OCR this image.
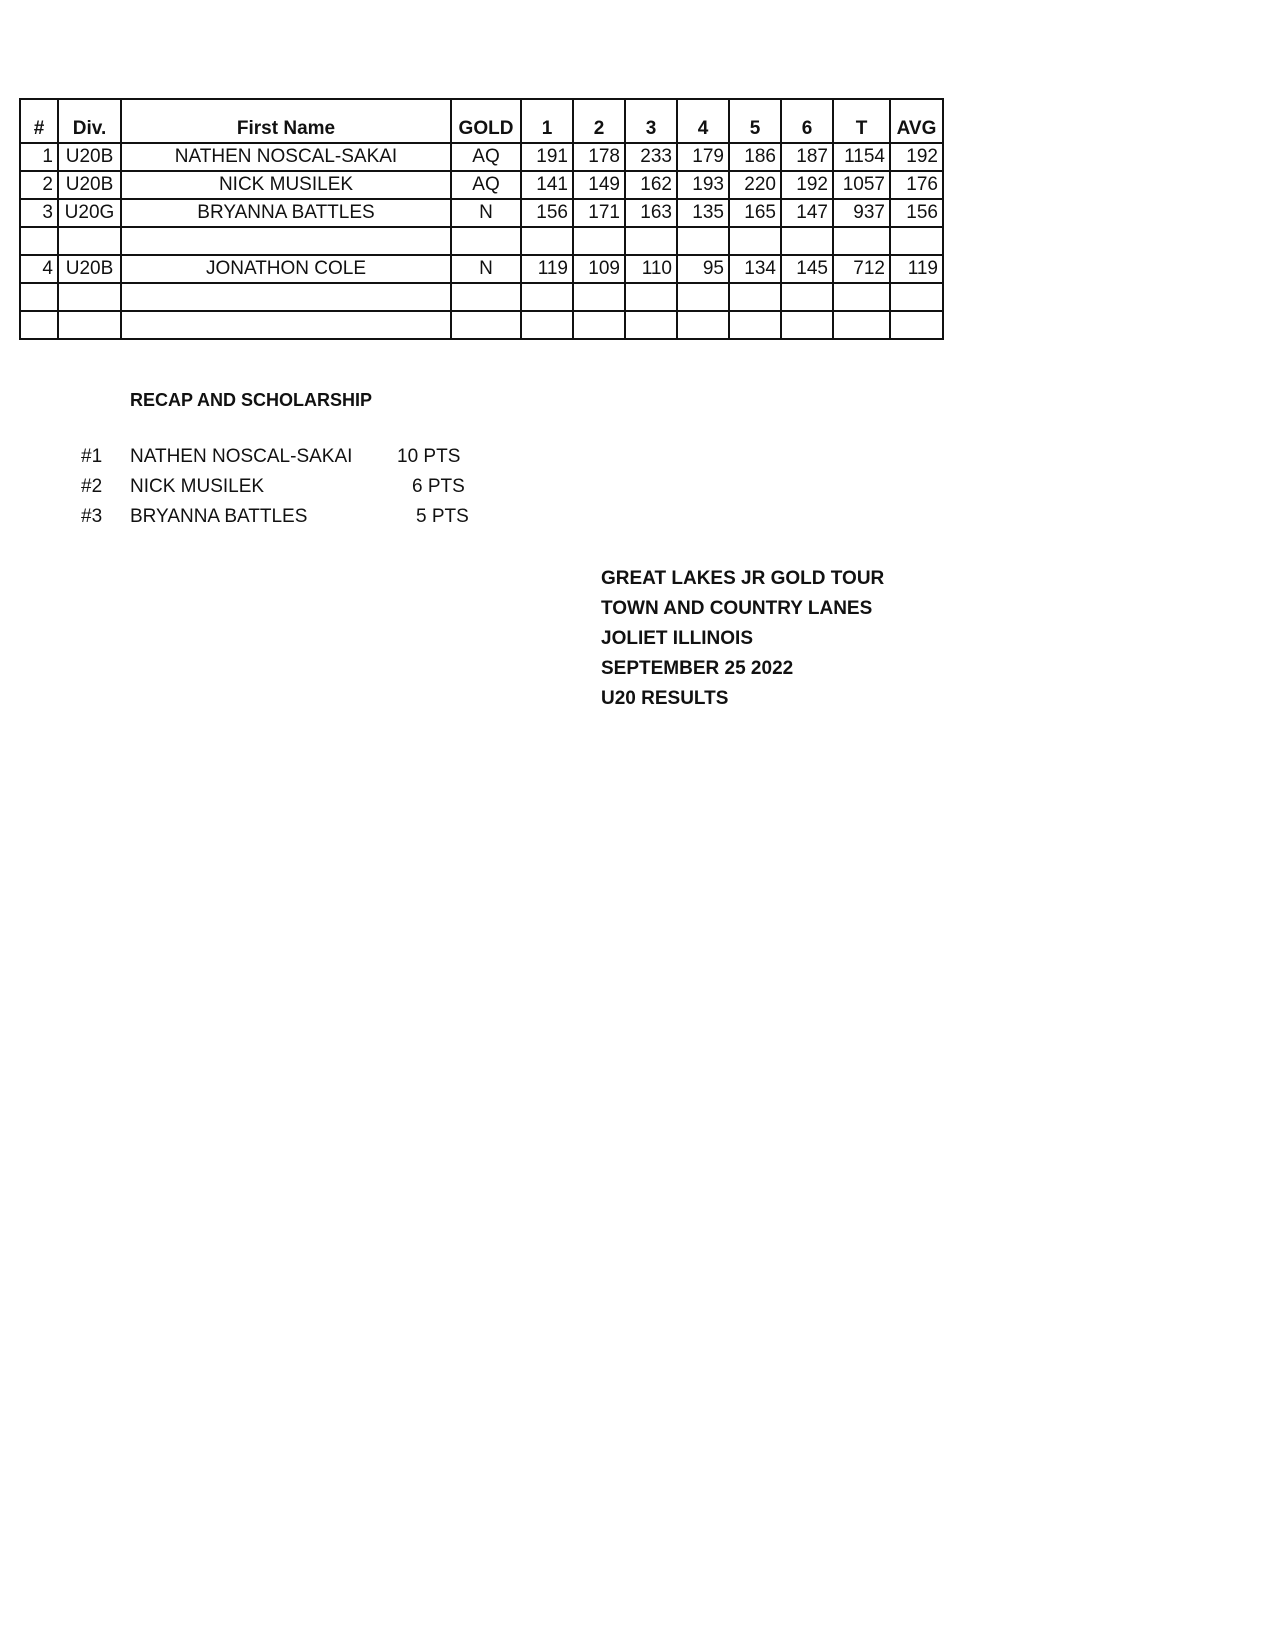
#	Div.	First Name	GOLD	1	2	3	4	5	6	T	AVG
1	U20B	NATHEN NOSCAL-SAKAI	AQ	191	178	233	179	186	187	1154	192
2	U20B	NICK MUSILEK	AQ	141	149	162	193	220	192	1057	176
3	U20G	BRYANNA BATTLES	N	156	171	163	135	165	147	937	156

4	U20B	JONATHON COLE	N	119	109	110	95	134	145	712	119

RECAP AND SCHOLARSHIP
#1 NATHEN NOSCAL-SAKAI 10 PTS
#2 NICK MUSILEK	6 PTS
#3 BRYANNA BATTLES	5 PTS
GREAT LAKES JR GOLD TOUR
TOWN AND COUNTRY LANES
JOLIET ILLINOIS
SEPTEMBER 25 2022
U20 RESULTS
